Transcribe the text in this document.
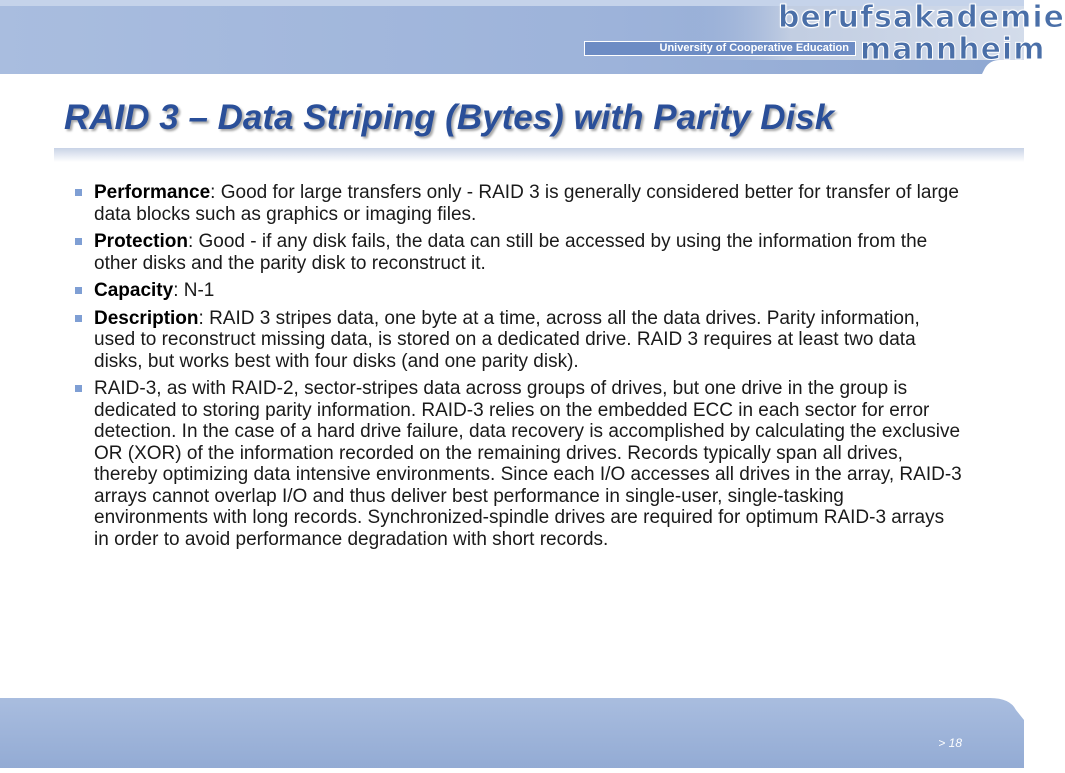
berufsakademie
mannheim
University of Cooperative Education
RAID 3 – Data Striping (Bytes) with Parity Disk
Performance: Good for large transfers only - RAID 3 is generally considered better for transfer of large data blocks such as graphics or imaging files.
Protection: Good - if any disk fails, the data can still be accessed by using the information from the other disks and the parity disk to reconstruct it.
Capacity: N-1
Description: RAID 3 stripes data, one byte at a time, across all the data drives. Parity information, used to reconstruct missing data, is stored on a dedicated drive. RAID 3 requires at least two data disks, but works best with four disks (and one parity disk).
RAID-3, as with RAID-2, sector-stripes data across groups of drives, but one drive in the group is dedicated to storing parity information. RAID-3 relies on the embedded ECC in each sector for error detection. In the case of a hard drive failure, data recovery is accomplished by calculating the exclusive OR (XOR) of the information recorded on the remaining drives. Records typically span all drives, thereby optimizing data intensive environments. Since each I/O accesses all drives in the array, RAID-3 arrays cannot overlap I/O and thus deliver best performance in single-user, single-tasking environments with long records. Synchronized-spindle drives are required for optimum RAID-3 arrays in order to avoid performance degradation with short records.
> 18
